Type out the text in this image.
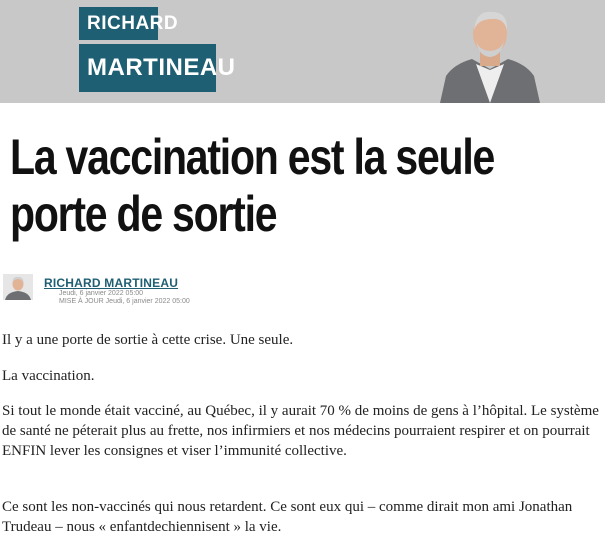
RICHARD
MARTINEAU
La vaccination est la seule porte de sortie
RICHARD MARTINEAU
Jeudi, 6 janvier 2022 05:00
MISE À JOUR Jeudi, 6 janvier 2022 05:00

Il y a une porte de sortie à cette crise. Une seule.

La vaccination.

Si tout le monde était vacciné, au Québec, il y aurait 70 % de moins de gens à l’hôpital. Le système de santé ne péterait plus au frette, nos infirmiers et nos médecins pourraient respirer et on pourrait ENFIN lever les consignes et viser l’immunité collective.

Ce sont les non-vaccinés qui nous retardent. Ce sont eux qui – comme dirait mon ami Jonathan Trudeau – nous « enfantdechiennisent » la vie.
